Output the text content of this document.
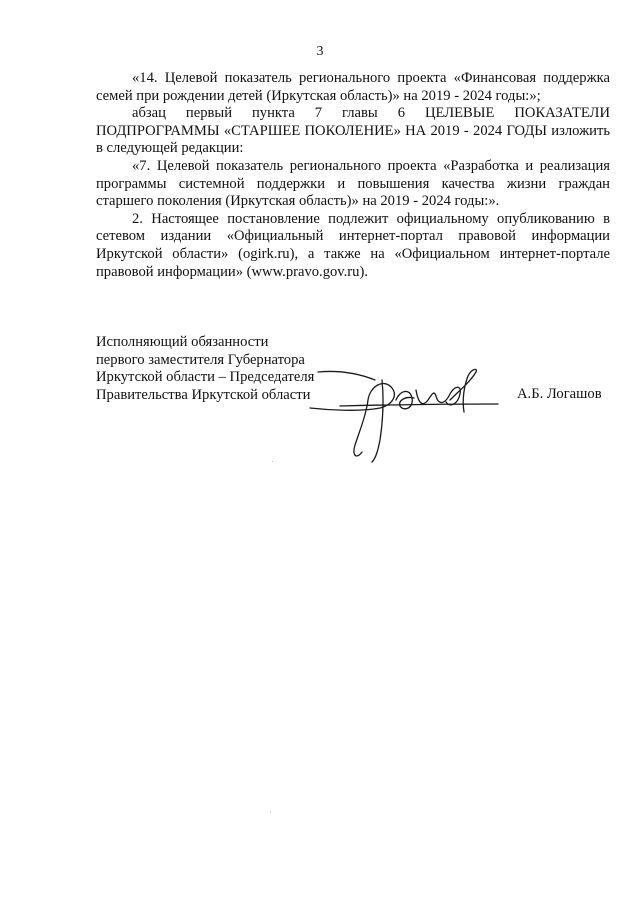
3

«14. Целевой показатель регионального проекта «Финансовая поддержка семей при рождении детей (Иркутская область)» на 2019 - 2024 годы:»;

абзац первый пункта 7 главы 6 ЦЕЛЕВЫЕ ПОКАЗАТЕЛИ ПОДПРОГРАММЫ «СТАРШЕЕ ПОКОЛЕНИЕ» НА 2019 - 2024 ГОДЫ изложить в следующей редакции:

«7. Целевой показатель регионального проекта «Разработка и реализация программы системной поддержки и повышения качества жизни граждан старшего поколения (Иркутская область)» на 2019 - 2024 годы:».

2. Настоящее постановление подлежит официальному опубликованию в сетевом издании «Официальный интернет-портал правовой информации Иркутской области» (ogirk.ru), а также на «Официальном интернет-портале правовой информации» (www.pravo.gov.ru).

Исполняющий обязанности
первого заместителя Губернатора
Иркутской области – Председателя
Правительства Иркутской области	А.Б. Логашов
